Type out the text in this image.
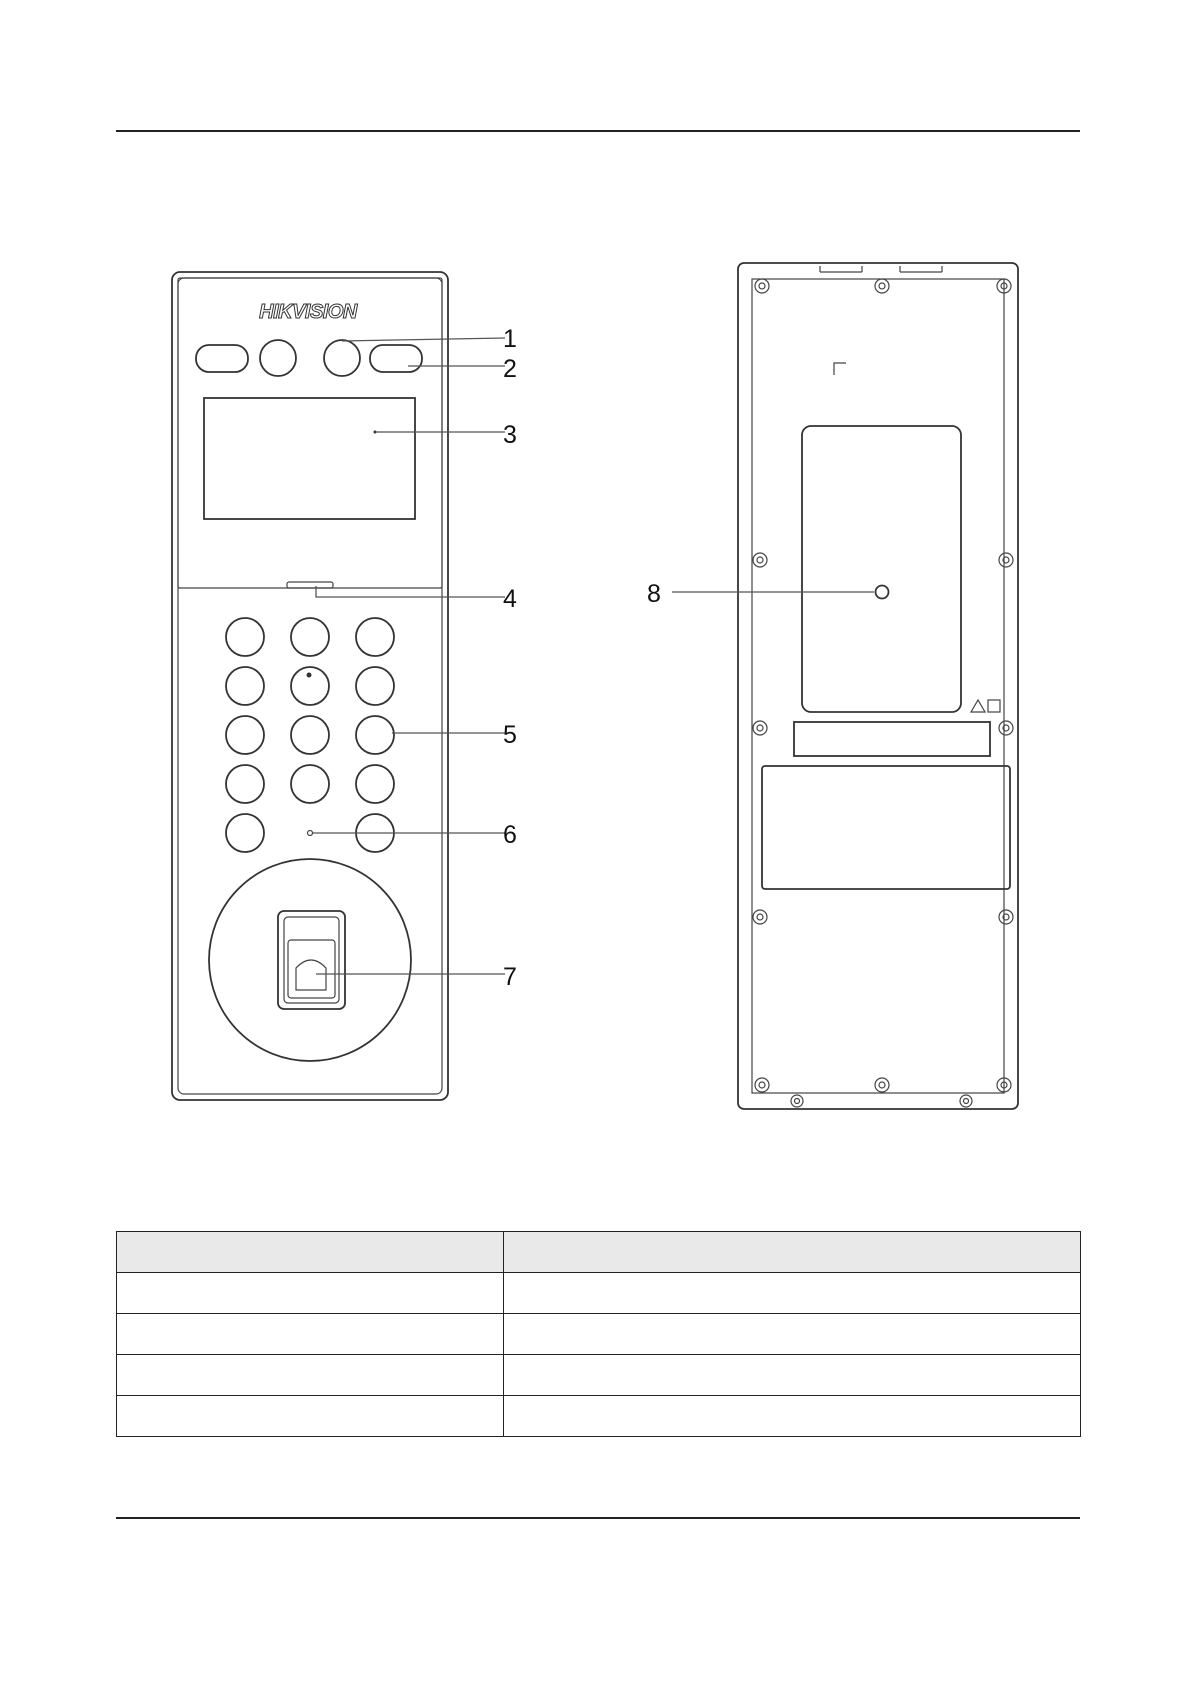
HIKVISION
1
2
3
4
5
6
7
8
